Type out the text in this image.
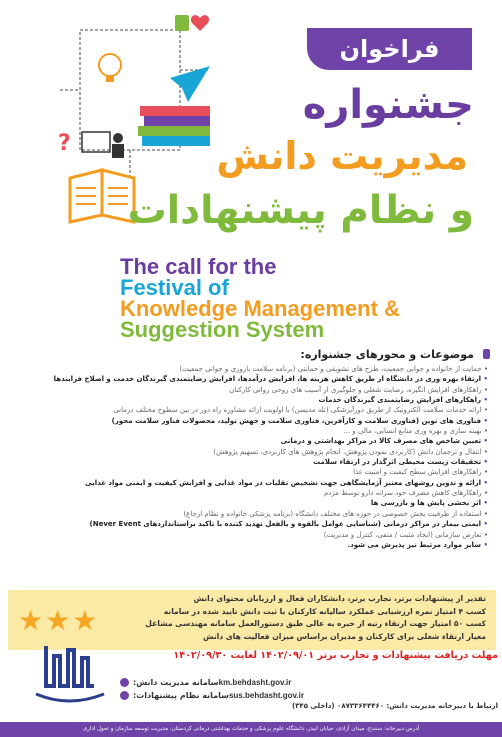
?
فراخوان
جشنواره
مدیریت دانش
و نظام پیشنهادات
The call for the
Festival of
Knowledge Management &
Suggestion System
موضوعات و محورهای جشنواره:
• حمایت از خانواده و جوانی جمعیت، طرح های تشویقی و حمایتی (برنامه سلامت باروری و جوانی جمعیت)
• ارتقاء بهره وری در دانشگاه از طریق کاهش هزینه ها، افزایش درآمدها، افزایش رضایتمندی گیرندگان خدمت و اصلاح فرایندها
• راهکارهای افزایش انگیزه، رضایت شغلی و جلوگیری از آسیب های روحی روانی کارکنان
• راهکارهای افزایش رضایتمندی گیرندگان خدمات
• ارائه خدمات سلامت الکترونیک از طریق دورآپزشکی (تله مدیسن) با اولویت ارائه مشاوره راه دور در بین سطوح مختلف درمانی
• فناوری های نوین (فناوری سلامت و کارآفرین، فناوری سلامت و جهش تولید، محصولات فناور سلامت محور)
• بهینه سازی و بهره وری منابع انسانی، مالی و ...
• تعیین شاخص های مصرف کالا در مراکز بهداشتی و درمانی
• انتقال و ترجمان دانش (کاربردی نمودن پژوهش، انجام پژوهش های کاربردی، تسهیم پژوهش)
• تحقیقات زیست محیطی اثرگذار در ارتقاء سلامت
• راهکارهای افزایش سطح کیفیت و امنیت غذا
• ارائه و تدوین روشهای معتبر آزمایشگاهی جهت تشخیص تقلبات در مواد غذایی و افزایش کیفیت و ایمنی مواد غذایی
• راهکارهای کاهش مصرف خود سرانه دارو توسط مردم
• اثر بخشی پایش ها و بازرسی ها
• استفاده از ظرفیت بخش خصوصی در حوزه های مختلف دانشگاه (برنامه پزشکی خانواده و نظام ارجاع)
• ایمنی بیمار در مراکز درمانی (شناسایی عوامل بالقوه و بالفعل تهدید کننده با تاکید براستانداردهای Never Event)
• تعارض سازمانی (ایجاد مثبت / منفی، کنترل و مدیریت)
• سایر موارد مرتبط نیز پذیرش می شود.
★★★
تقدیر از پیشنهادات برتر، تجارب برتر، دانشکاران فعال و ارزیابان محتوای دانش
کسب ۴ امتیاز نمره ارزشیابی عملکرد سالیانه کارکنان با ثبت دانش تایید شده در سامانه
کسب ۵۰ امتیاز جهت ارتقاء رتبه از خبره به عالی طبق دستورالعمل سامانه مهندسی مشاغل
معیار ارتقاء شغلی برای کارکنان و مدیران براساس میزان فعالیت های دانش
مهلت دریافت پیشنهادات و تجارب برتر ۱۴۰۲/۰۹/۰۱ لغایت ۱۴۰۲/۰۹/۳۰
km.behdasht.gov.ir
سامانه مدیریت دانش:
sus.behdasht.gov.ir
سامانه نظام پیشنهادات:
ارتباط با دبیرخانه مدیریت دانش: ۰۸۷۳۳۶۴۴۴۶۰ (داخلی ۳۴۵)
آدرس دبیرخانه: سنندج، میدان آزادی، خیابان ابیدر، دانشگاه علوم پزشکی و خدمات بهداشتی درمانی کردستان، مدیریت توسعه سازمان و تحول اداری
